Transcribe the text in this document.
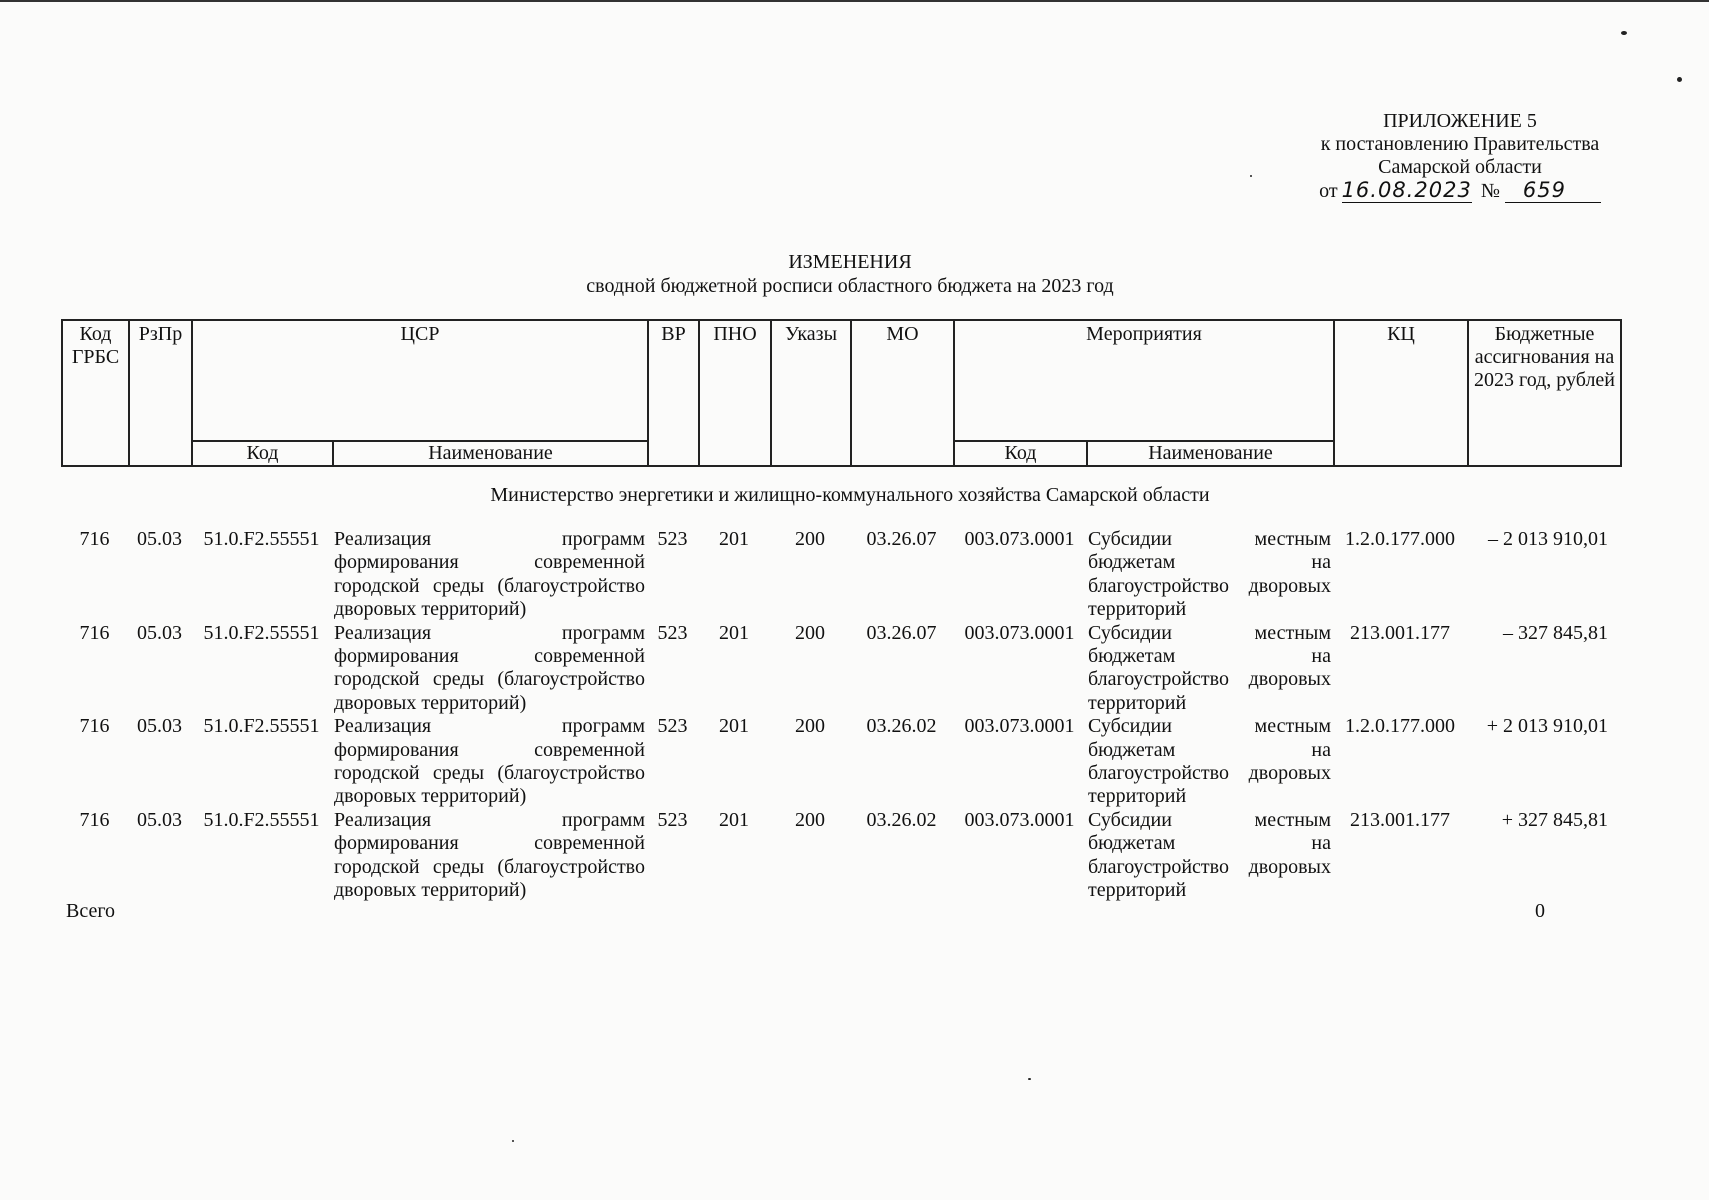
ПРИЛОЖЕНИЕ 5
к постановлению Правительства
Самарской области
от 16.08.2023 № 659
ИЗМЕНЕНИЯ
сводной бюджетной росписи областного бюджета на 2023 год
Код ГРБС	РзПр	ЦСР		ВР	ПНО	Указы	МО	Мероприятия		КЦ	Бюджетные ассигнования на 2023 год, рублей
		Код	Наименование					Код	Наименование		
Министерство энергетики и жилищно-коммунального хозяйства Самарской области
716	05.03	51.0.F2.55551	Реализация программ формирования современной городской среды (благоустройство дворовых территорий)	523	201	200	03.26.07	003.073.0001	Субсидии местным бюджетам на благоустройство дворовых территорий	1.2.0.177.000	– 2 013 910,01
716	05.03	51.0.F2.55551	Реализация программ формирования современной городской среды (благоустройство дворовых территорий)	523	201	200	03.26.07	003.073.0001	Субсидии местным бюджетам на благоустройство дворовых территорий	213.001.177	– 327 845,81
716	05.03	51.0.F2.55551	Реализация программ формирования современной городской среды (благоустройство дворовых территорий)	523	201	200	03.26.02	003.073.0001	Субсидии местным бюджетам на благоустройство дворовых территорий	1.2.0.177.000	+ 2 013 910,01
716	05.03	51.0.F2.55551	Реализация программ формирования современной городской среды (благоустройство дворовых территорий)	523	201	200	03.26.02	003.073.0001	Субсидии местным бюджетам на благоустройство дворовых территорий	213.001.177	+ 327 845,81
Всего	0
